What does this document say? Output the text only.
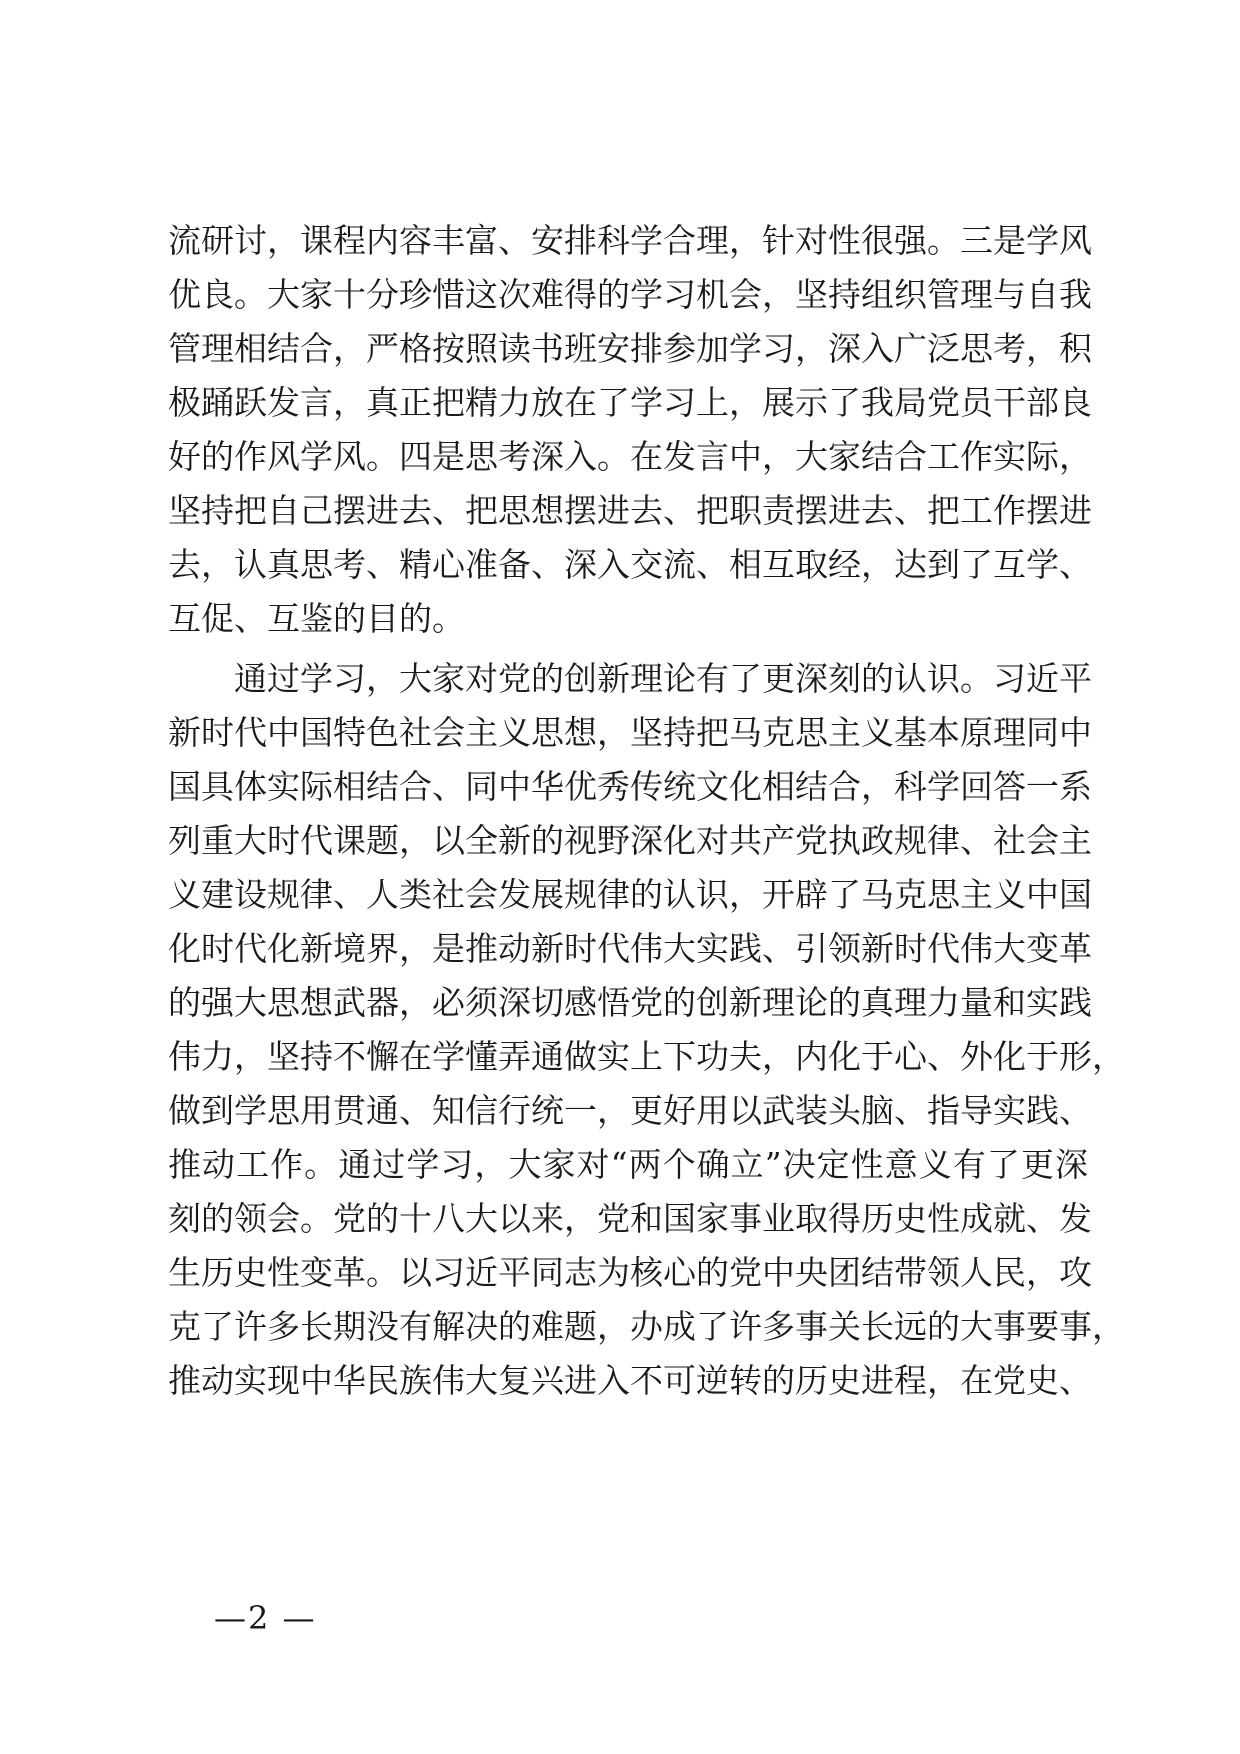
流研讨，课程内容丰富、安排科学合理，针对性很强。三是学风
优良。大家十分珍惜这次难得的学习机会，坚持组织管理与自我
管理相结合，严格按照读书班安排参加学习，深入广泛思考，积
极踊跃发言，真正把精力放在了学习上，展示了我局党员干部良
好的作风学风。四是思考深入。在发言中，大家结合工作实际，
坚持把自己摆进去、把思想摆进去、把职责摆进去、把工作摆进
去，认真思考、精心准备、深入交流、相互取经，达到了互学、
互促、互鉴的目的。
通过学习，大家对党的创新理论有了更深刻的认识。习近平
新时代中国特色社会主义思想，坚持把马克思主义基本原理同中
国具体实际相结合、同中华优秀传统文化相结合，科学回答一系
列重大时代课题，以全新的视野深化对共产党执政规律、社会主
义建设规律、人类社会发展规律的认识，开辟了马克思主义中国
化时代化新境界，是推动新时代伟大实践、引领新时代伟大变革
的强大思想武器，必须深切感悟党的创新理论的真理力量和实践
伟力，坚持不懈在学懂弄通做实上下功夫，内化于心、外化于形，
做到学思用贯通、知信行统一，更好用以武装头脑、指导实践、
推动工作。通过学习，大家对“两个确立”决定性意义有了更深
刻的领会。党的十八大以来，党和国家事业取得历史性成就、发
生历史性变革。以习近平同志为核心的党中央团结带领人民，攻
克了许多长期没有解决的难题，办成了许多事关长远的大事要事，
推动实现中华民族伟大复兴进入不可逆转的历史进程，在党史、
—2 —
